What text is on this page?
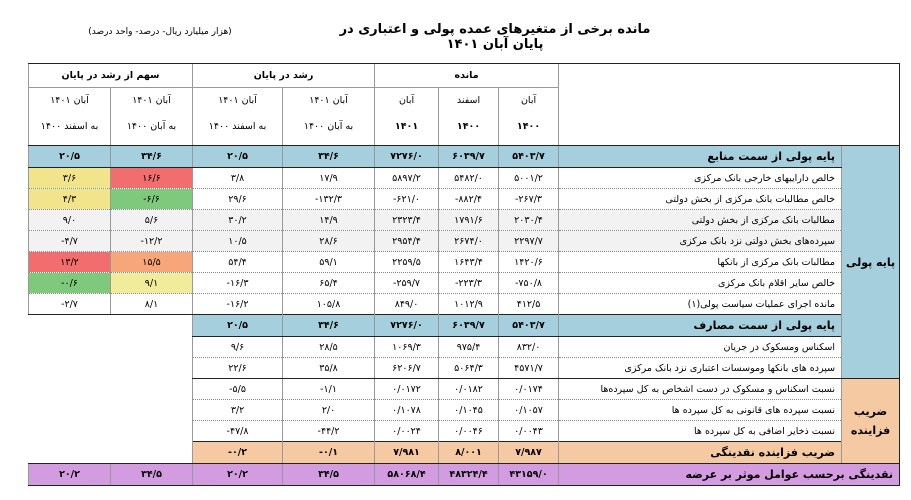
مانده برخی از متغیرهای عمده پولی و اعتباری در پایان آبان ۱۴۰۱
(هزار میلیارد ریال- درصد- واحد درصد)
سهم از رشد در پایان		رشد در پایان		مانده				
آبان ۱۴۰۱	آبان ۱۴۰۱	آبان ۱۴۰۱	آبان ۱۴۰۱	آبان	اسفند	آبان		
به اسفند ۱۴۰۰	به آبان ۱۴۰۰	به اسفند ۱۴۰۰	به آبان ۱۴۰۰	۱۴۰۱	۱۴۰۰	۱۴۰۰		

۲۰/۵	۳۴/۶	۲۰/۵	۳۴/۶	۷۲۷۶/۰	۶۰۳۹/۷	۵۴۰۳/۷	پایه پولی از سمت منابع	پایه پولی
۳/۶	۱۶/۶	۳/۸	۱۷/۹	۵۸۹۷/۲	۵۴۸۲/۰	۵۰۰۱/۲	خالص داراییهای خارجی بانک مرکزی	
۴/۳	-۶/۶	۲۹/۶	-۱۳۲/۳	-۶۲۱/۰	-۸۸۲/۴	-۲۶۷/۳	خالص مطالبات بانک مرکزی از بخش دولتی	
۹/۰	۵/۶	۳۰/۲	۱۴/۹	۲۳۲۳/۴	۱۷۹۱/۶	۲۰۳۰/۴	مطالبات بانک مرکزی از بخش دولتی	
-۴/۷	-۱۲/۲	۱۰/۵	۲۸/۶	۲۹۵۴/۴	۲۶۷۴/۰	۲۲۹۷/۷	سپرده‌های بخش دولتی نزد بانک مرکزی	
۱۳/۲	۱۵/۵	۵۴/۴	۵۹/۱	۲۲۵۹/۵	۱۶۴۳/۴	۱۴۲۰/۶	مطالبات بانک مرکزی از بانکها	
-۰/۶	۹/۱	-۱۶/۳	۶۵/۴	-۲۵۹/۷	-۲۲۳/۳	-۷۵۰/۸	خالص سایر اقلام بانک مرکزی	
-۲/۷	۸/۱	-۱۶/۲	۱۰۵/۸	۸۴۹/۰	۱۰۱۲/۹	۴۱۲/۵	مانده اجرای عملیات سیاست پولی(۱)	
		۲۰/۵	۳۴/۶	۷۲۷۶/۰	۶۰۳۹/۷	۵۴۰۳/۷	پایه پولی از سمت مصارف	
		۹/۶	۲۸/۵	۱۰۶۹/۳	۹۷۵/۴	۸۳۲/۰	اسکناس ومسکوک در جریان	
		۲۲/۶	۳۵/۸	۶۲۰۶/۷	۵۰۶۴/۳	۴۵۷۱/۷	سپرده های بانکها وموسسات اعتباری نزد بانک مرکزی	
		-۵/۵	-۱/۱	۰/۰۱۷۲	۰/۰۱۸۲	۰/۰۱۷۴	نسبت اسکناس و مسکوک در دست اشخاص به کل سپرده‌ها	ضریب
فزاینده

		۳/۲	۲/۰	۰/۱۰۷۸	۰/۱۰۴۵	۰/۱۰۵۷	نسبت سپرده های قانونی به کل سپرده ها	
		-۴۷/۸	-۴۴/۲	۰/۰۰۲۴	۰/۰۰۴۶	۰/۰۰۴۳	نسبت ذخایر اضافی به کل سپرده ها	
		-۰/۲	-۰/۱	۷/۹۸۱	۸/۰۰۱	۷/۹۸۷	ضریب فزاینده نقدینگی	
۲۰/۲	۳۴/۵	۲۰/۲	۳۴/۵	۵۸۰۶۸/۴	۴۸۳۲۴/۴	۴۳۱۵۹/۰	نقدینگی برحسب عوامل موثر بر عرضه	
